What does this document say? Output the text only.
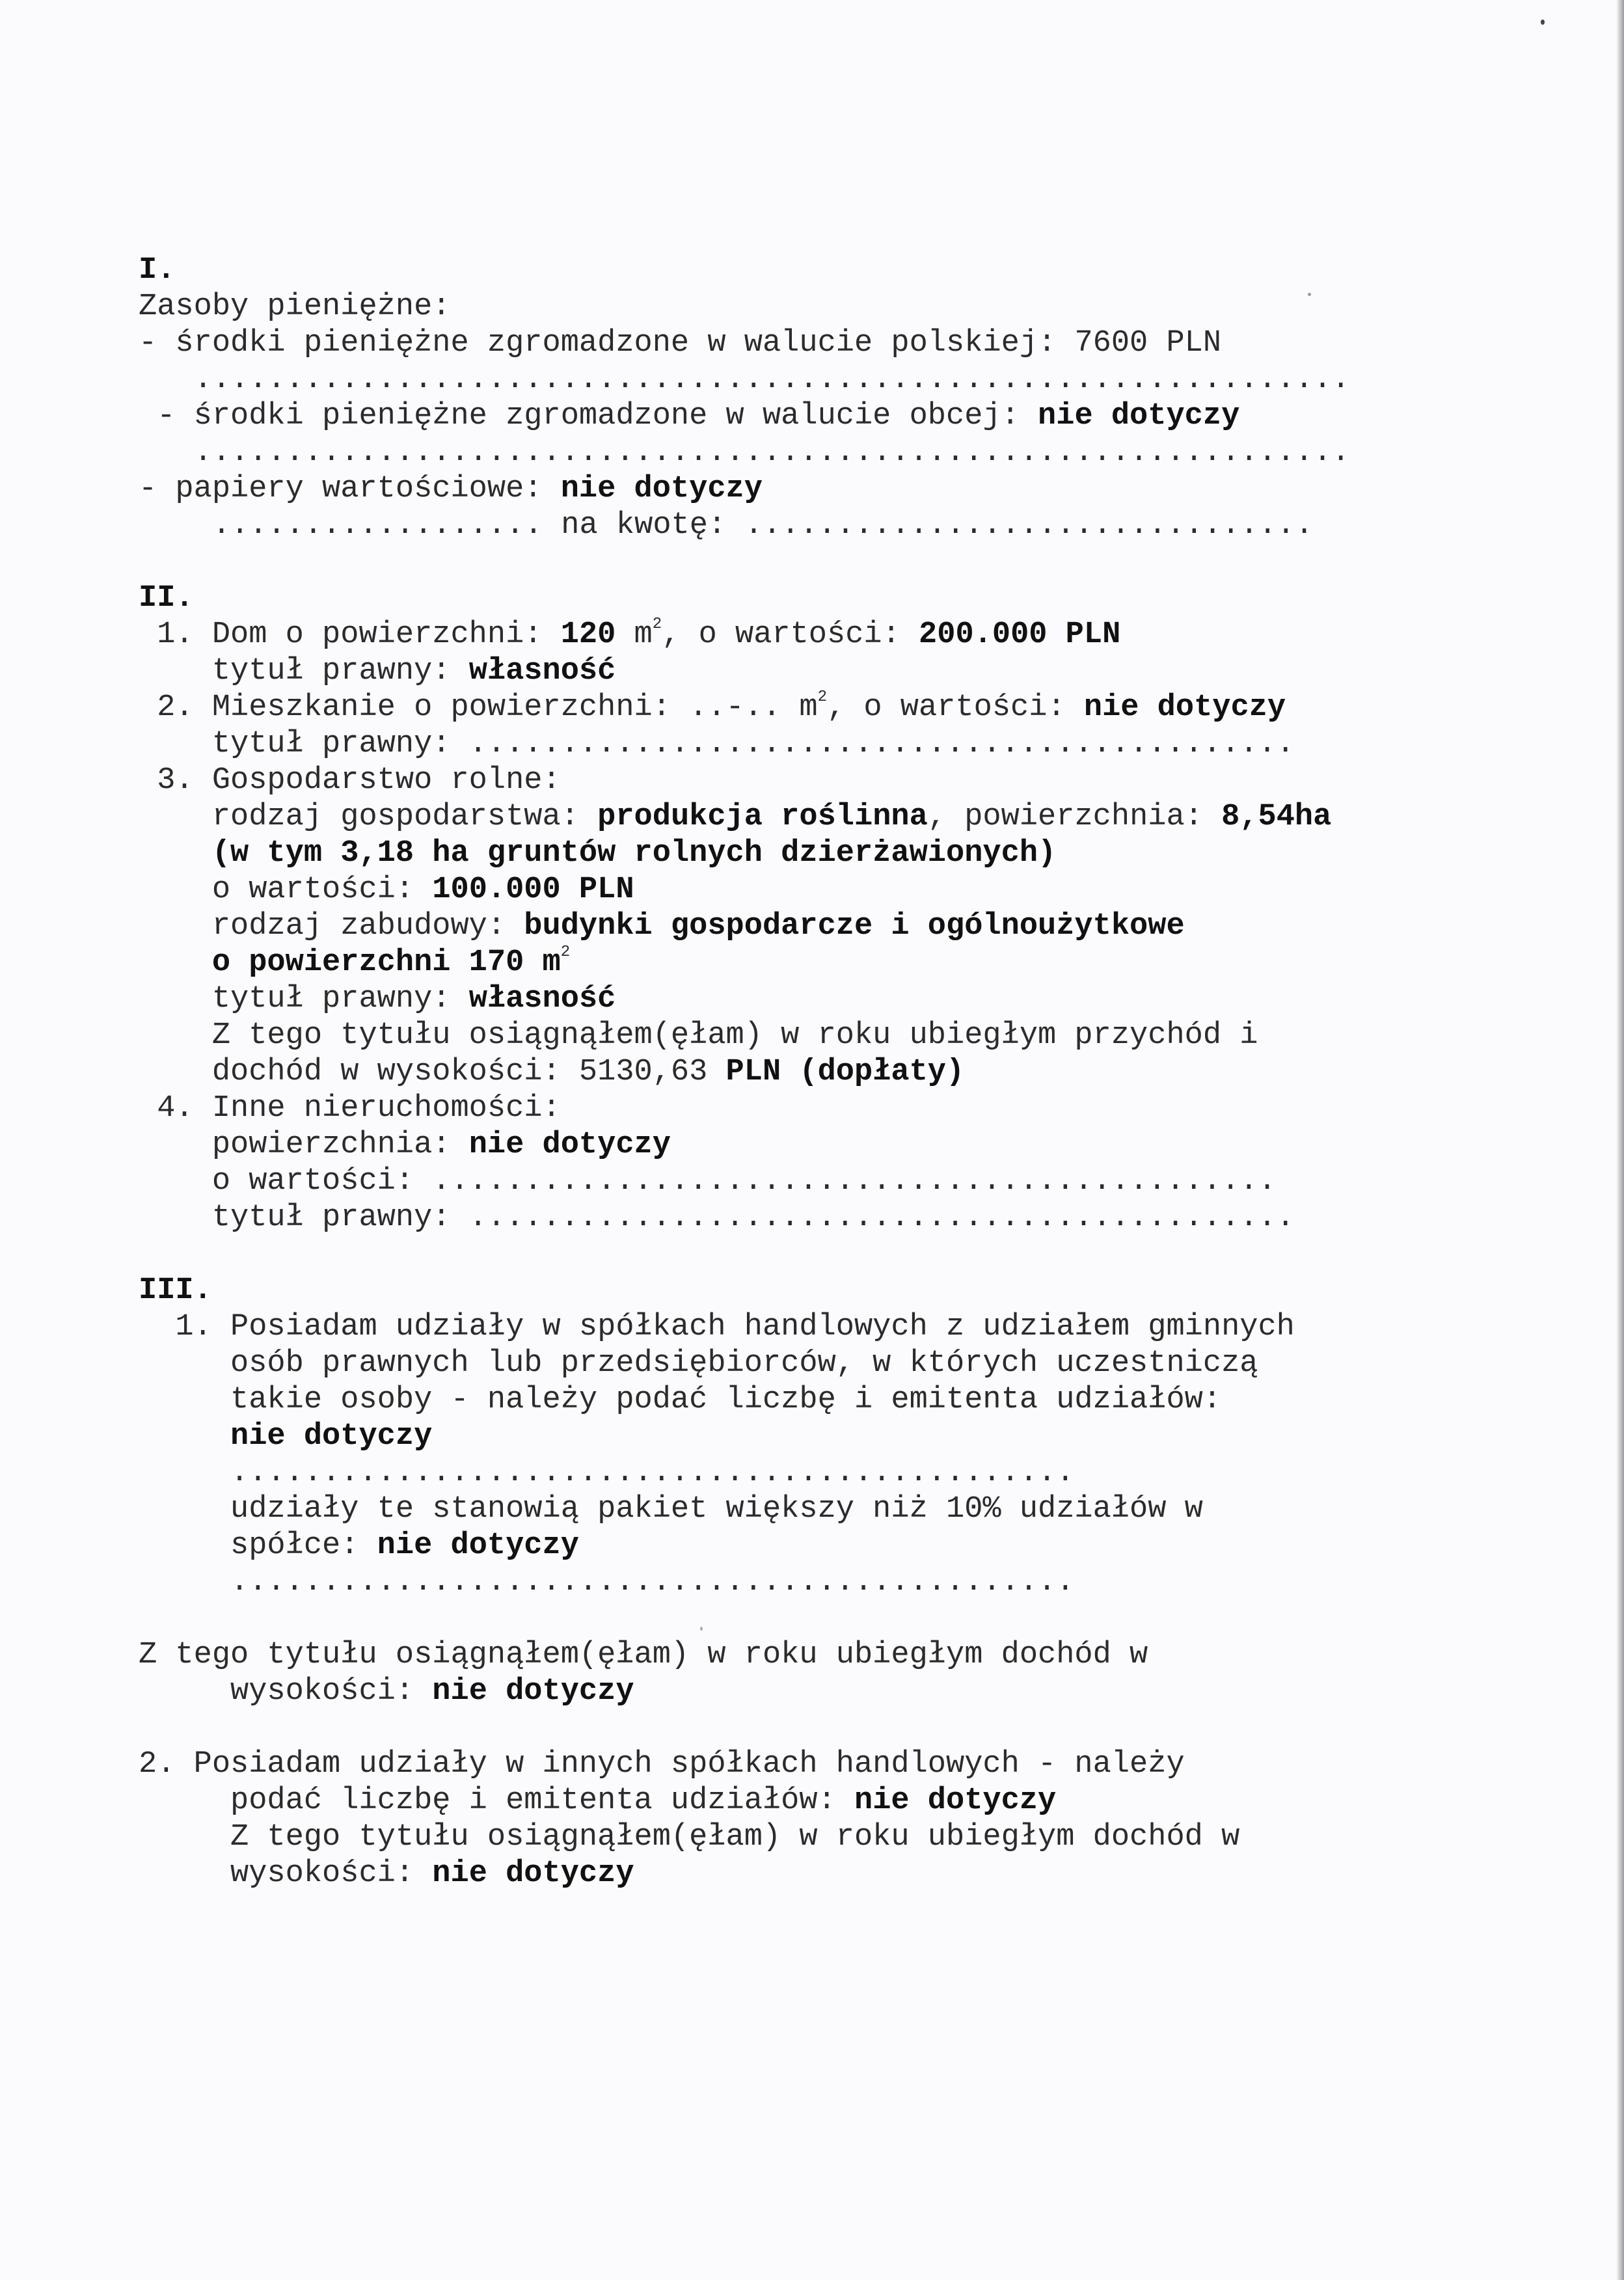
I.
Zasoby pieniężne:
- środki pieniężne zgromadzone w walucie polskiej: 7600 PLN
...............................................................
- środki pieniężne zgromadzone w walucie obcej: nie dotyczy
...............................................................
- papiery wartościowe: nie dotyczy
.................. na kwotę: ...............................
II.
1. Dom o powierzchni: 120 $m^2$, o wartości: 200.000 PLN
tytuł prawny: własność
2. Mieszkanie o powierzchni: ..-.. $m^2$, o wartości: nie dotyczy
tytuł prawny: .............................................
3. Gospodarstwo rolne:
rodzaj gospodarstwa: produkcja roślinna, powierzchnia: 8,54ha
(w tym 3,18 ha gruntów rolnych dzierżawionych)
o wartości: 100.000 PLN
rodzaj zabudowy: budynki gospodarcze i ogólnoużytkowe
o powierzchni 170 $m^2$
tytuł prawny: własność
Z tego tytułu osiągnąłem(ęłam) w roku ubiegłym przychód i
dochód w wysokości: 5130,63 PLN (dopłaty)
4. Inne nieruchomości:
powierzchnia: nie dotyczy
o wartości: ..............................................
tytuł prawny: .............................................
III.
1. Posiadam udziały w spółkach handlowych z udziałem gminnych
osób prawnych lub przedsiębiorców, w których uczestniczą
takie osoby - należy podać liczbę i emitenta udziałów:
nie dotyczy
..............................................
udziały te stanowią pakiet większy niż 10% udziałów w
spółce: nie dotyczy
..............................................
Z tego tytułu osiągnąłem(ęłam) w roku ubiegłym dochód w
wysokości: nie dotyczy
2. Posiadam udziały w innych spółkach handlowych - należy
podać liczbę i emitenta udziałów: nie dotyczy
Z tego tytułu osiągnąłem(ęłam) w roku ubiegłym dochód w
wysokości: nie dotyczy
